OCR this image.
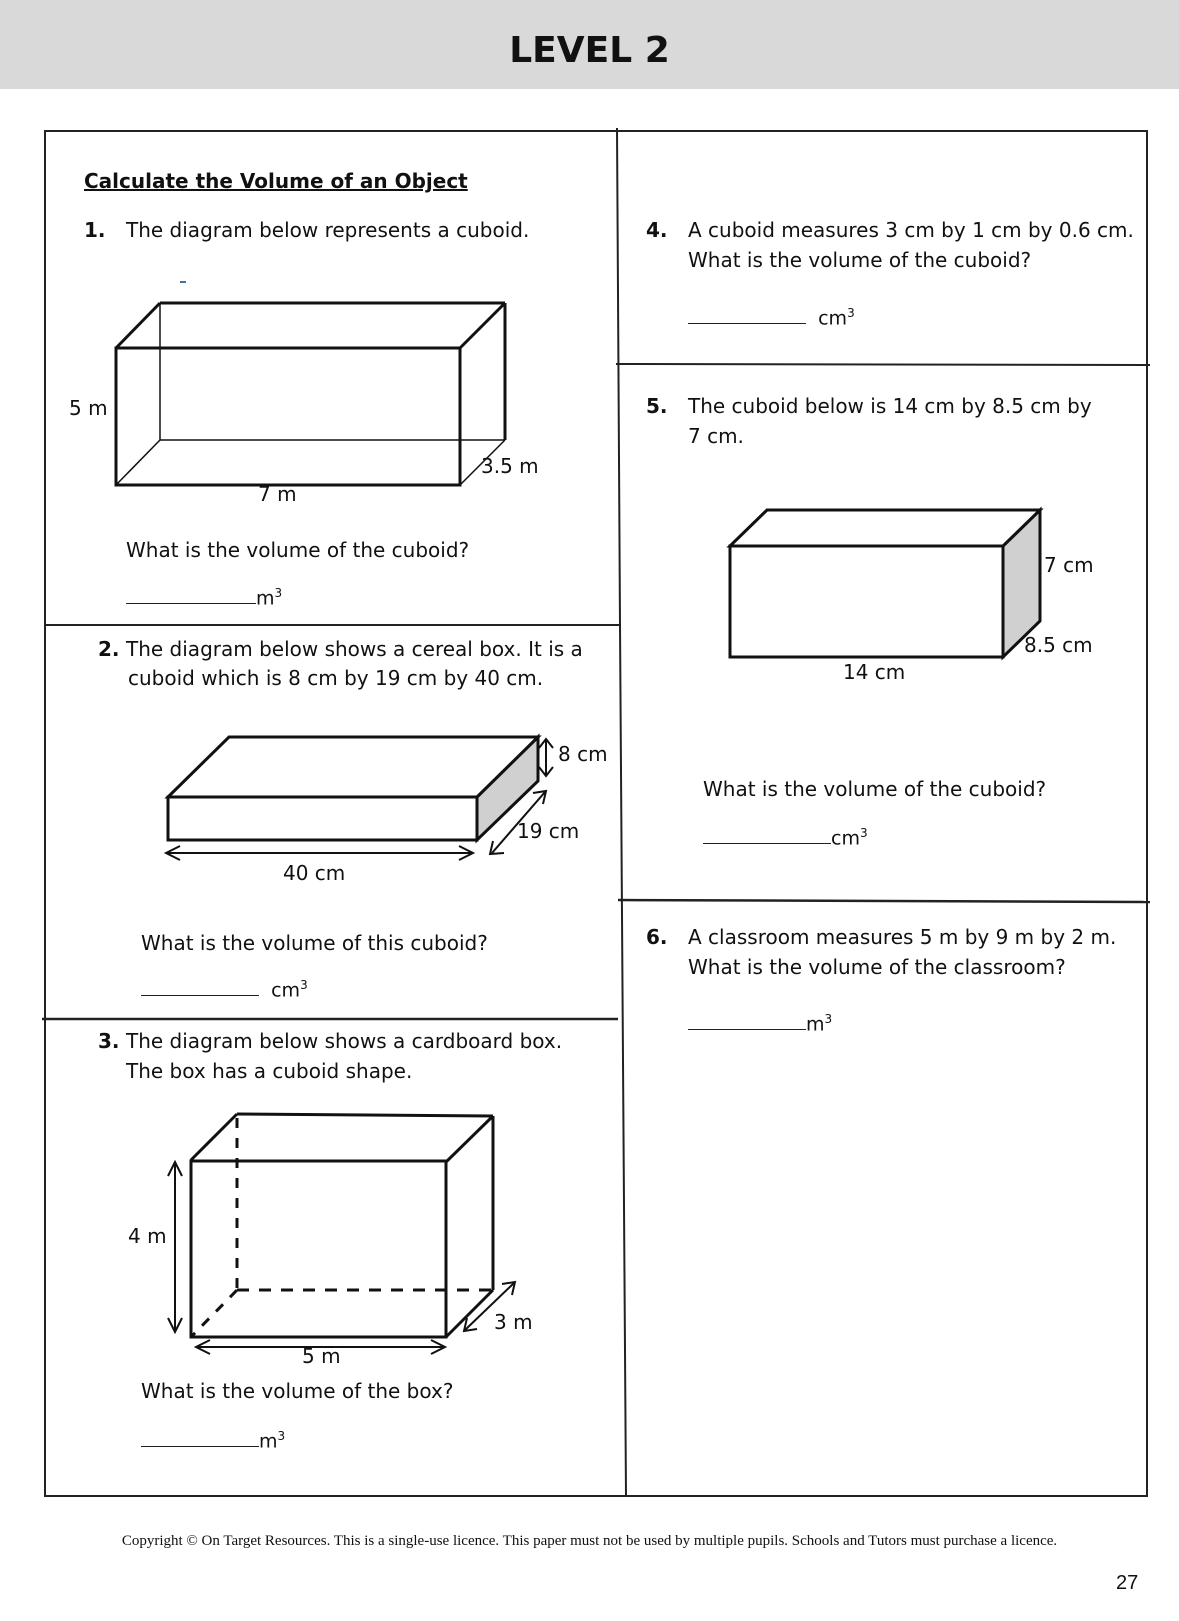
LEVEL 2
Calculate the Volume of an Object
1. The diagram below represents a cuboid.
5 m
7 m
3.5 m
What is the volume of the cuboid?
$m^3$
2. The diagram below shows a cereal box. It is a
cuboid which is 8 cm by 19 cm by 40 cm.
8 cm
19 cm
40 cm
What is the volume of this cuboid?
$cm^3$
3. The diagram below shows a cardboard box.
The box has a cuboid shape.
4 m
5 m
3 m
What is the volume of the box?
$m^3$
4. A cuboid measures 3 cm by 1 cm by 0.6 cm.
What is the volume of the cuboid?
$cm^3$
5. The cuboid below is 14 cm by 8.5 cm by
7 cm.
7 cm
8.5 cm
14 cm
What is the volume of the cuboid?
$cm^3$
6. A classroom measures 5 m by 9 m by 2 m.
What is the volume of the classroom?
$m^3$
Copyright © On Target Resources. This is a single-use licence. This paper must not be used by multiple pupils. Schools and Tutors must purchase a licence.
27
